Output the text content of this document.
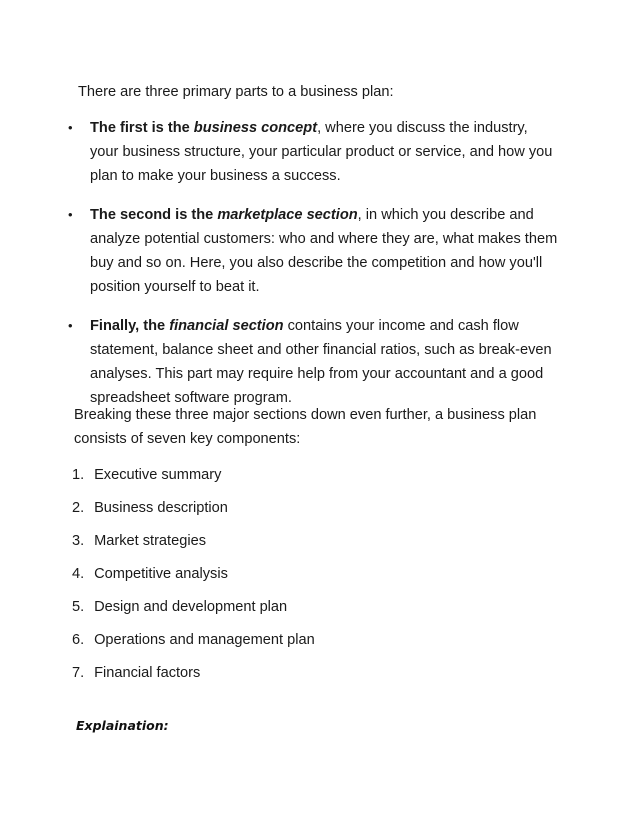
There are three primary parts to a business plan:

• The first is the business concept, where you discuss the industry, your business structure, your particular product or service, and how you plan to make your business a success.
• The second is the marketplace section, in which you describe and analyze potential customers: who and where they are, what makes them buy and so on. Here, you also describe the competition and how you'll position yourself to beat it.
• Finally, the financial section contains your income and cash flow statement, balance sheet and other financial ratios, such as break-even analyses. This part may require help from your accountant and a good spreadsheet software program.

Breaking these three major sections down even further, a business plan consists of seven key components:

1. Executive summary
2. Business description
3. Market strategies
4. Competitive analysis
5. Design and development plan
6. Operations and management plan
7. Financial factors

Explaination:
